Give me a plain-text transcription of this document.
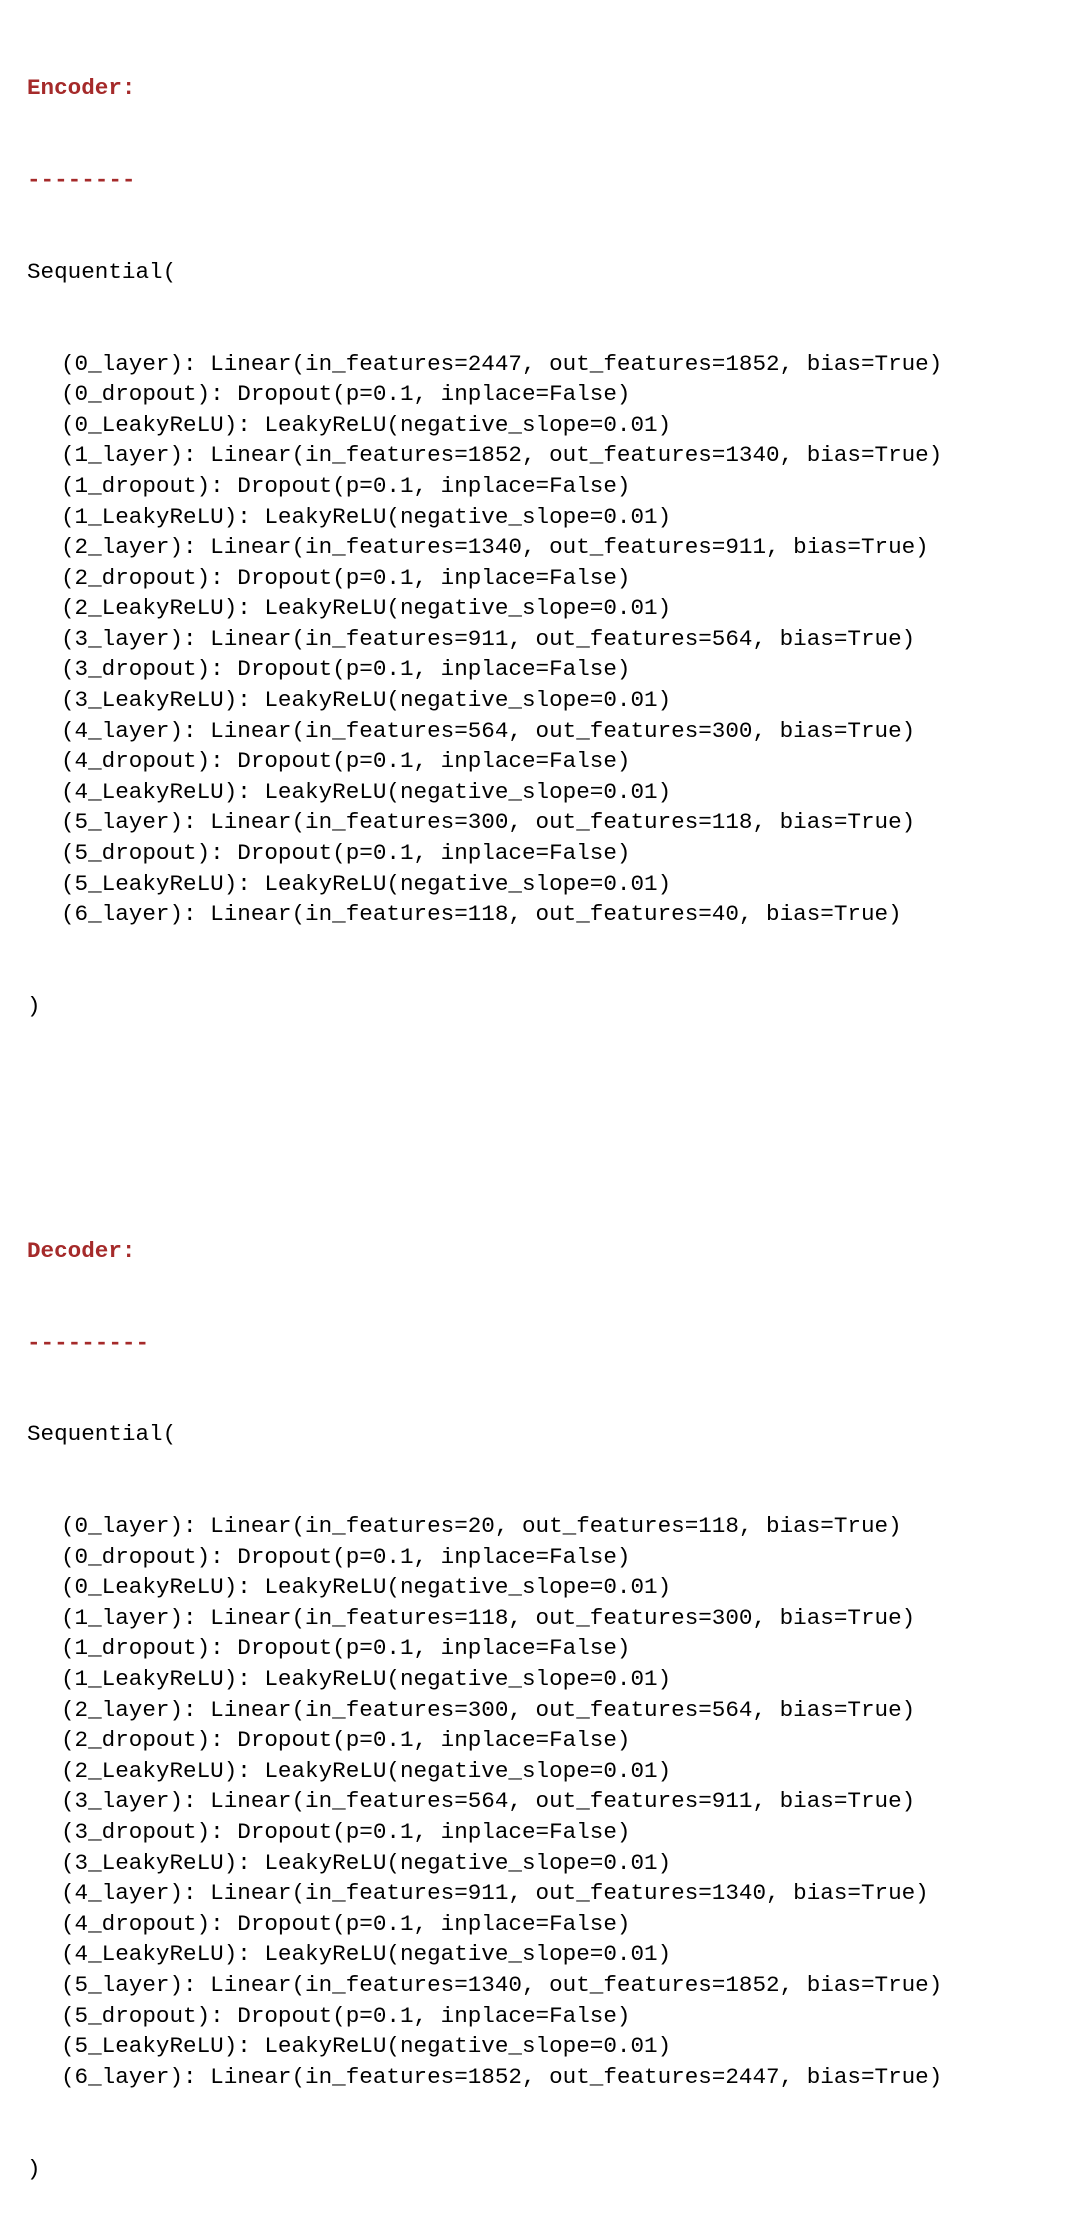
Encoder:

--------

Sequential(

(0_layer): Linear(in_features=2447, out_features=1852, bias=True)
(0_dropout): Dropout(p=0.1, inplace=False)
(0_LeakyReLU): LeakyReLU(negative_slope=0.01)
(1_layer): Linear(in_features=1852, out_features=1340, bias=True)
(1_dropout): Dropout(p=0.1, inplace=False)
(1_LeakyReLU): LeakyReLU(negative_slope=0.01)
(2_layer): Linear(in_features=1340, out_features=911, bias=True)
(2_dropout): Dropout(p=0.1, inplace=False)
(2_LeakyReLU): LeakyReLU(negative_slope=0.01)
(3_layer): Linear(in_features=911, out_features=564, bias=True)
(3_dropout): Dropout(p=0.1, inplace=False)
(3_LeakyReLU): LeakyReLU(negative_slope=0.01)
(4_layer): Linear(in_features=564, out_features=300, bias=True)
(4_dropout): Dropout(p=0.1, inplace=False)
(4_LeakyReLU): LeakyReLU(negative_slope=0.01)
(5_layer): Linear(in_features=300, out_features=118, bias=True)
(5_dropout): Dropout(p=0.1, inplace=False)
(5_LeakyReLU): LeakyReLU(negative_slope=0.01)
(6_layer): Linear(in_features=118, out_features=40, bias=True)

)

Decoder:

---------

Sequential(

(0_layer): Linear(in_features=20, out_features=118, bias=True)
(0_dropout): Dropout(p=0.1, inplace=False)
(0_LeakyReLU): LeakyReLU(negative_slope=0.01)
(1_layer): Linear(in_features=118, out_features=300, bias=True)
(1_dropout): Dropout(p=0.1, inplace=False)
(1_LeakyReLU): LeakyReLU(negative_slope=0.01)
(2_layer): Linear(in_features=300, out_features=564, bias=True)
(2_dropout): Dropout(p=0.1, inplace=False)
(2_LeakyReLU): LeakyReLU(negative_slope=0.01)
(3_layer): Linear(in_features=564, out_features=911, bias=True)
(3_dropout): Dropout(p=0.1, inplace=False)
(3_LeakyReLU): LeakyReLU(negative_slope=0.01)
(4_layer): Linear(in_features=911, out_features=1340, bias=True)
(4_dropout): Dropout(p=0.1, inplace=False)
(4_LeakyReLU): LeakyReLU(negative_slope=0.01)
(5_layer): Linear(in_features=1340, out_features=1852, bias=True)
(5_dropout): Dropout(p=0.1, inplace=False)
(5_LeakyReLU): LeakyReLU(negative_slope=0.01)
(6_layer): Linear(in_features=1852, out_features=2447, bias=True)

)
